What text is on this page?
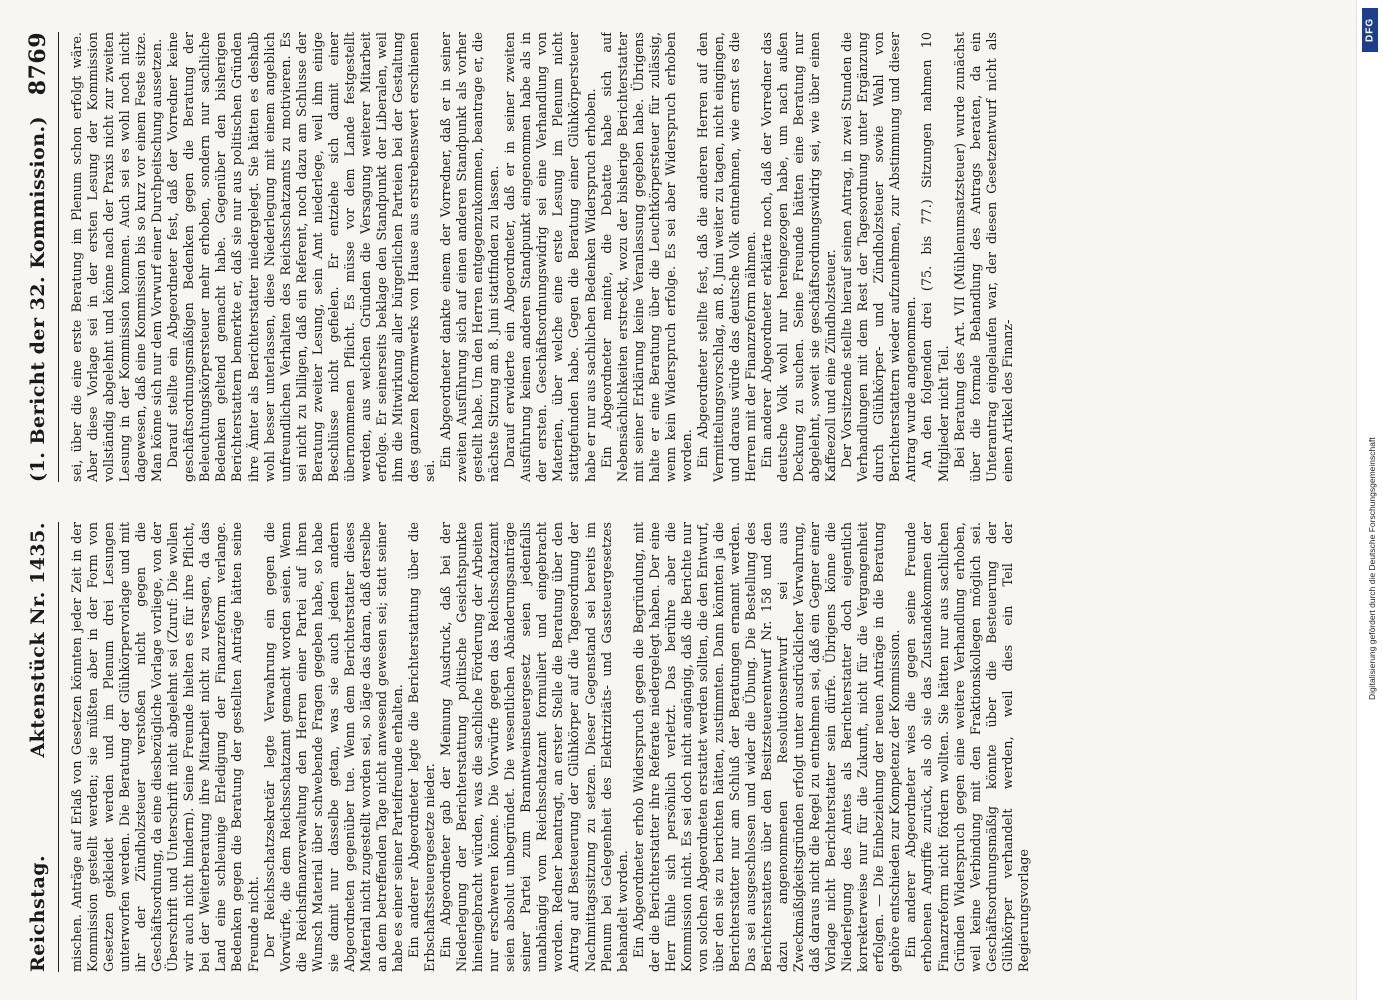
DFG
Digitalisierung gefördert durch die Deutsche Forschungsgemeinschaft
Reichstag.
Aktenstück Nr. 1435. mischen. Anträge auf Erlaß von Gesetzen könnten jeder Zeit in der Kommission gestellt werden; sie müßten aber in der Form von Gesetzen gekleidet werden und im Plenum drei Lesungen unterworfen werden. Die Beratung der Glühkörpervorlage und mit ihr der Zündholzsteuer verstoßen nicht gegen die Geschäftsordnung, da eine diesbezügliche Vorlage vorliege, von der Überschrift und Unterschrift nicht abgelehnt sei (Zuruf: Die wollen wir auch nicht hindern). Seine Freunde hielten es für ihre Pflicht, bei der Weiterberatung ihre Mitarbeit nicht zu versagen, da das Land eine schleunige Erledigung der Finanzreform verlange. Bedenken gegen die Beratung der gestellten Anträge hätten seine Freunde nicht. Der Reichsschatzsekretär legte Verwahrung ein gegen die Vorwürfe, die dem Reichsschatzamt gemacht worden seien. Wenn die Reichsfinanzverwaltung den Herren einer Partei auf ihren Wunsch Material über schwebende Fragen gegeben habe, so habe sie damit nur dasselbe getan, was sie auch jedem andern Abgeordneten gegenüber tue. Wenn dem Berichterstatter dieses Material nicht zugestellt worden sei, so läge das daran, daß derselbe an dem betreffenden Tage nicht anwesend gewesen sei; statt seiner habe es einer seiner Parteifreunde erhalten. Ein anderer Abgeordneter legte die Berichterstattung über die Erbschaftssteuergesetze nieder. Ein Abgeordneter gab der Meinung Ausdruck, daß bei der Niederlegung der Berichterstattung politische Gesichtspunkte hineingebracht würden, was die sachliche Förderung der Arbeiten nur erschweren könne. Die Vorwürfe gegen das Reichsschatzamt seien absolut unbegründet. Die wesentlichen Abänderungsanträge seiner Partei zum Branntweinsteuergesetz seien jedenfalls unabhängig vom Reichsschatzamt formuliert und eingebracht worden. Redner beantragt, an erster Stelle die Beratung über den Antrag auf Besteuerung der Glühkörper auf die Tagesordnung der Nachmittagssitzung zu setzen. Dieser Gegenstand sei bereits im Plenum bei Gelegenheit des Elektrizitäts- und Gassteuergesetzes behandelt worden. Ein Abgeordneter erhob Widerspruch gegen die Begründung, mit der die Berichterstatter ihre Referate niedergelegt haben. Der eine Herr fühle sich persönlich verletzt. Das berühre aber die Kommission nicht. Es sei doch nicht angängig, daß die Berichte nur von solchen Abgeordneten erstattet werden sollten, die den Entwurf, über den sie zu berichten hätten, zustimmten. Dann könnten ja die Berichterstatter nur am Schluß der Beratungen ernannt werden. Das sei ausgeschlossen und wider die Übung. Die Bestellung des Berichterstatters über den Besitzsteuerentwurf Nr. 158 und den dazu angenommenen Resolutionsentwurf sei aus Zweckmäßigkeitsgründen erfolgt unter ausdrücklicher Verwahrung, daß daraus nicht die Regel zu entnehmen sei, daß ein Gegner einer Vorlage nicht Berichterstatter sein dürfe. Übrigens könne die Niederlegung des Amtes als Berichterstatter doch eigentlich korrekterweise nur für die Zukunft, nicht für die Vergangenheit erfolgen. — Die Einbeziehung der neuen Anträge in die Beratung gehöre entschieden zur Kompetenz der Kommission. Ein anderer Abgeordneter wies die gegen seine Freunde erhobenen Angriffe zurück, als ob sie das Zustandekommen der Finanzreform nicht fördern wollten. Sie hätten nur aus sachlichen Gründen Widerspruch gegen eine weitere Verhandlung erhoben, weil keine Verbindung mit den Fraktionskollegen möglich sei. Geschäftsordnungsmäßig könnte über die Besteuerung der Glühkörper verhandelt werden, weil dies ein Teil der Regierungsvorlage

(1. Bericht der 32. Kommission.)
8769 sei, über die eine erste Beratung im Plenum schon erfolgt wäre. Aber diese Vorlage sei in der ersten Lesung der Kommission vollständig abgelehnt und könne nach der Praxis nicht zur zweiten Lesung in der Kommission kommen. Auch sei es wohl noch nicht dagewesen, daß eine Kommission bis so kurz vor einem Feste sitze. Man könne sich nur dem Vorwurf einer Durchpeitschung aussetzen. Darauf stellte ein Abgeordneter fest, daß der Vorredner keine geschäftsordnungsmäßigen Bedenken gegen die Beratung der Beleuchtungskörpersteuer mehr erhoben, sondern nur sachliche Bedenken geltend gemacht habe. Gegenüber den bisherigen Berichterstattern bemerkte er, daß sie nur aus politischen Gründen ihre Ämter als Berichterstatter niedergelegt. Sie hätten es deshalb wohl besser unterlassen, diese Niederlegung mit einem angeblich unfreundlichen Verhalten des Reichsschatzamts zu motivieren. Es sei nicht zu billigen, daß ein Referent, noch dazu am Schlusse der Beratung zweiter Lesung, sein Amt niederlege, weil ihm einige Beschlüsse nicht gefielen. Er entziehe sich damit einer übernommenen Pflicht. Es müsse vor dem Lande festgestellt werden, aus welchen Gründen die Versagung weiterer Mitarbeit erfolge. Er seinerseits beklage den Standpunkt der Liberalen, weil ihm die Mitwirkung aller bürgerlichen Parteien bei der Gestaltung des ganzen Reformwerks von Hause aus erstrebenswert erschienen sei.

Ein Abgeordneter dankte einem der Vorredner, daß er in seiner zweiten Ausführung sich auf einen anderen Standpunkt als vorher gestellt habe. Um den Herren entgegenzukommen, beantrage er, die nächste Sitzung am 8. Juni stattfinden zu lassen. Darauf erwiderte ein Abgeordneter, daß er in seiner zweiten Ausführung keinen anderen Standpunkt eingenommen habe als in der ersten. Geschäftsordnungswidrig sei eine Verhandlung von Materien, über welche eine erste Lesung im Plenum nicht stattgefunden habe. Gegen die Beratung einer Glühkörpersteuer habe er nur aus sachlichen Bedenken Widerspruch erhoben. Ein Abgeordneter meinte, die Debatte habe sich auf Nebensächlichkeiten erstreckt, wozu der bisherige Berichterstatter mit seiner Erklärung keine Veranlassung gegeben habe. Übrigens halte er eine Beratung über die Leuchtkörpersteuer für zulässig, wenn kein Widerspruch erfolge. Es sei aber Widerspruch erhoben worden. Ein Abgeordneter stellte fest, daß die anderen Herren auf den Vermittelungsvorschlag, am 8. Juni weiter zu tagen, nicht eingingen, und daraus würde das deutsche Volk entnehmen, wie ernst es die Herren mit der Finanzreform nähmen. Ein anderer Abgeordneter erklärte noch, daß der Vorredner das deutsche Volk wohl nur hereingezogen habe, um nach außen Deckung zu suchen. Seine Freunde hätten eine Beratung nur abgelehnt, soweit sie geschäftsordnungswidrig sei, wie über einen Kaffeezoll und eine Zündholzsteuer. Der Vorsitzende stellte hierauf seinen Antrag, in zwei Stunden die Verhandlungen mit dem Rest der Tagesordnung unter Ergänzung durch Glühkörper- und Zündholzsteuer sowie Wahl von Berichterstattern wieder aufzunehmen, zur Abstimmung und dieser Antrag wurde angenommen. An den folgenden drei (75. bis 77.) Sitzungen nahmen 10 Mitglieder nicht Teil. Bei Beratung des Art. VII (Mühlenumsatzsteuer) wurde zunächst über die formale Behandlung des Antrags beraten, da ein Unterantrag eingelaufen war, der diesen Gesetzentwurf nicht als einen Artikel des Finanz-
